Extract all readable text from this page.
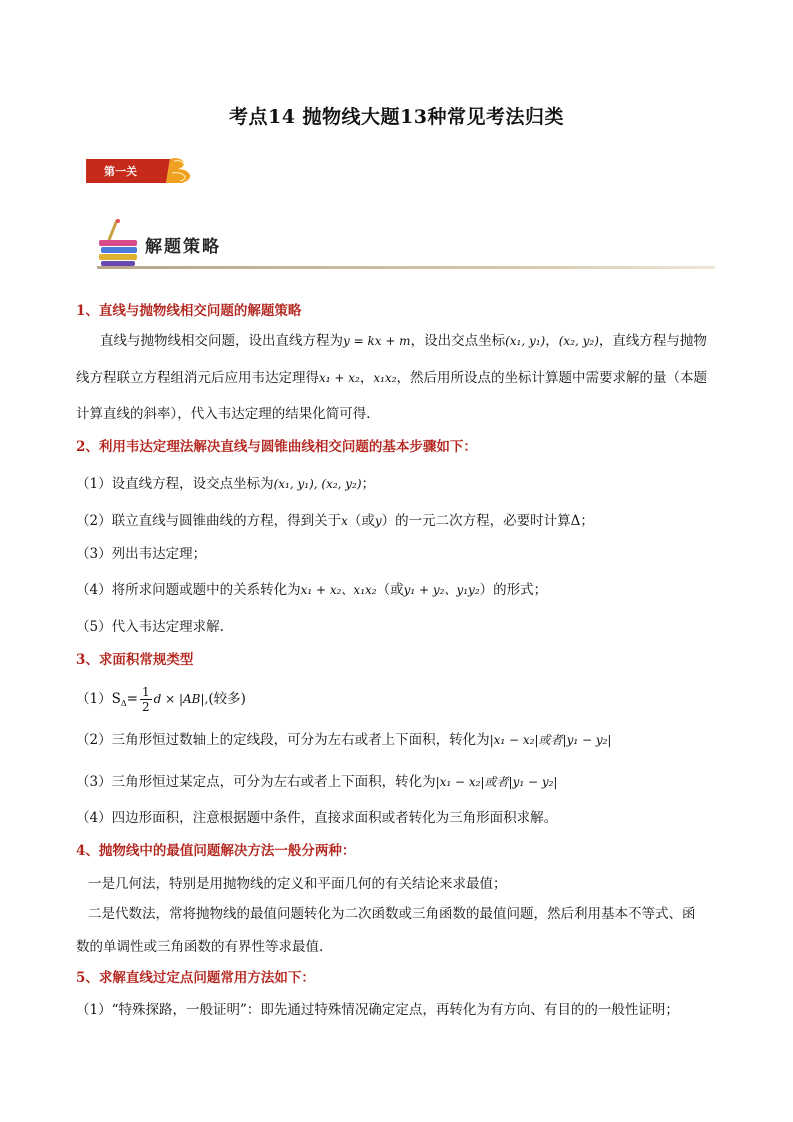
考点14 抛物线大题13种常见考法归类
第一关
解题策略
1、直线与抛物线相交问题的解题策略
直线与抛物线相交问题，设出直线方程为y = kx + m，设出交点坐标(x₁, y₁)，(x₂, y₂)，直线方程与抛物
线方程联立方程组消元后应用韦达定理得x₁ + x₂，x₁x₂，然后用所设点的坐标计算题中需要求解的量（本题
计算直线的斜率），代入韦达定理的结果化简可得．
2、利用韦达定理法解决直线与圆锥曲线相交问题的基本步骤如下：
（1）设直线方程，设交点坐标为(x₁, y₁), (x₂, y₂)；
（2）联立直线与圆锥曲线的方程，得到关于x（或y）的一元二次方程，必要时计算Δ；
（3）列出韦达定理；
（4）将所求问题或题中的关系转化为x₁ + x₂、x₁x₂（或y₁ + y₂、y₁y₂）的形式；
（5）代入韦达定理求解.
3、求面积常规类型
$(1)S_\Delta= \frac{1}{2}$ d × |AB|,(较多)
（2）三角形恒过数轴上的定线段，可分为左右或者上下面积，转化为|x₁ − x₂|或者|y₁ − y₂|
（3）三角形恒过某定点，可分为左右或者上下面积，转化为|x₁ − x₂|或者|y₁ − y₂|
（4）四边形面积，注意根据题中条件，直接求面积或者转化为三角形面积求解。
4、抛物线中的最值问题解决方法一般分两种：
一是几何法，特别是用抛物线的定义和平面几何的有关结论来求最值；
二是代数法，常将抛物线的最值问题转化为二次函数或三角函数的最值问题，然后利用基本不等式、函
数的单调性或三角函数的有界性等求最值.
5、求解直线过定点问题常用方法如下：
（1）“特殊探路，一般证明”：即先通过特殊情况确定定点，再转化为有方向、有目的的一般性证明；
